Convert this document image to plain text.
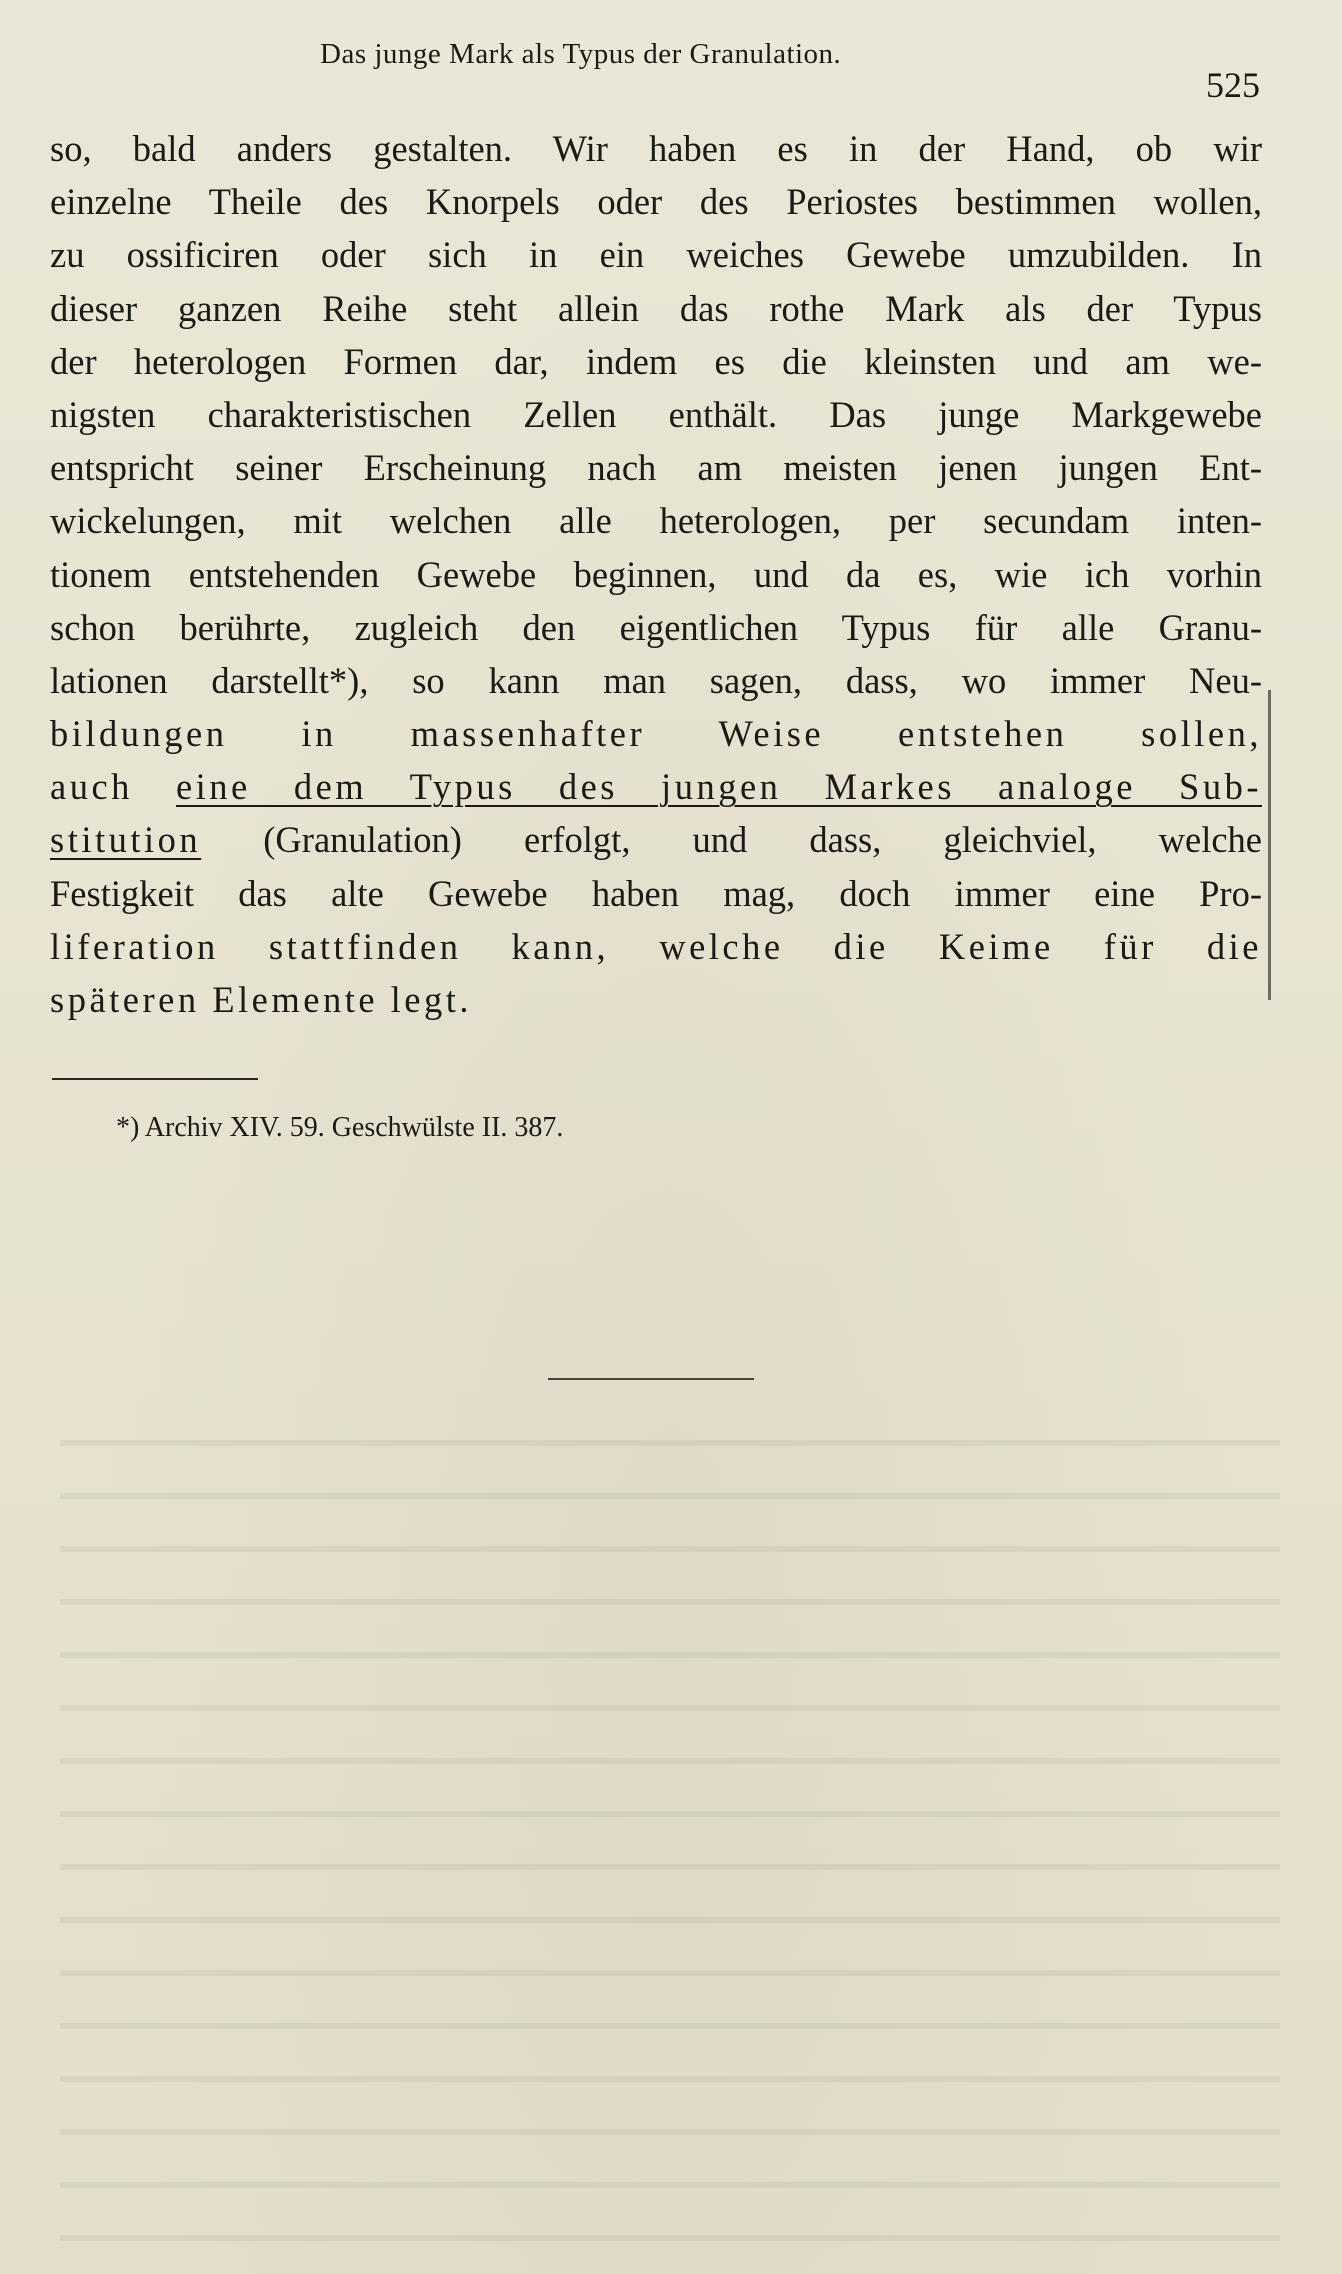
Das junge Mark als Typus der Granulation.
525
so, bald anders gestalten. Wir haben es in der Hand, ob wir
einzelne Theile des Knorpels oder des Periostes bestimmen wollen,
zu ossificiren oder sich in ein weiches Gewebe umzubilden. In
dieser ganzen Reihe steht allein das rothe Mark als der Typus
der heterologen Formen dar, indem es die kleinsten und am we-
nigsten charakteristischen Zellen enthält. Das junge Markgewebe
entspricht seiner Erscheinung nach am meisten jenen jungen Ent-
wickelungen, mit welchen alle heterologen, per secundam inten-
tionem entstehenden Gewebe beginnen, und da es, wie ich vorhin
schon berührte, zugleich den eigentlichen Typus für alle Granu-
lationen darstellt*), so kann man sagen, dass, wo immer Neu-
bildungen in massenhafter Weise entstehen sollen,
auch eine dem Typus des jungen Markes analoge Sub-
stitution (Granulation) erfolgt, und dass, gleichviel, welche
Festigkeit das alte Gewebe haben mag, doch immer eine Pro-
liferation stattfinden kann, welche die Keime für die
späteren Elemente legt.
*) Archiv XIV. 59. Geschwülste II. 387.
